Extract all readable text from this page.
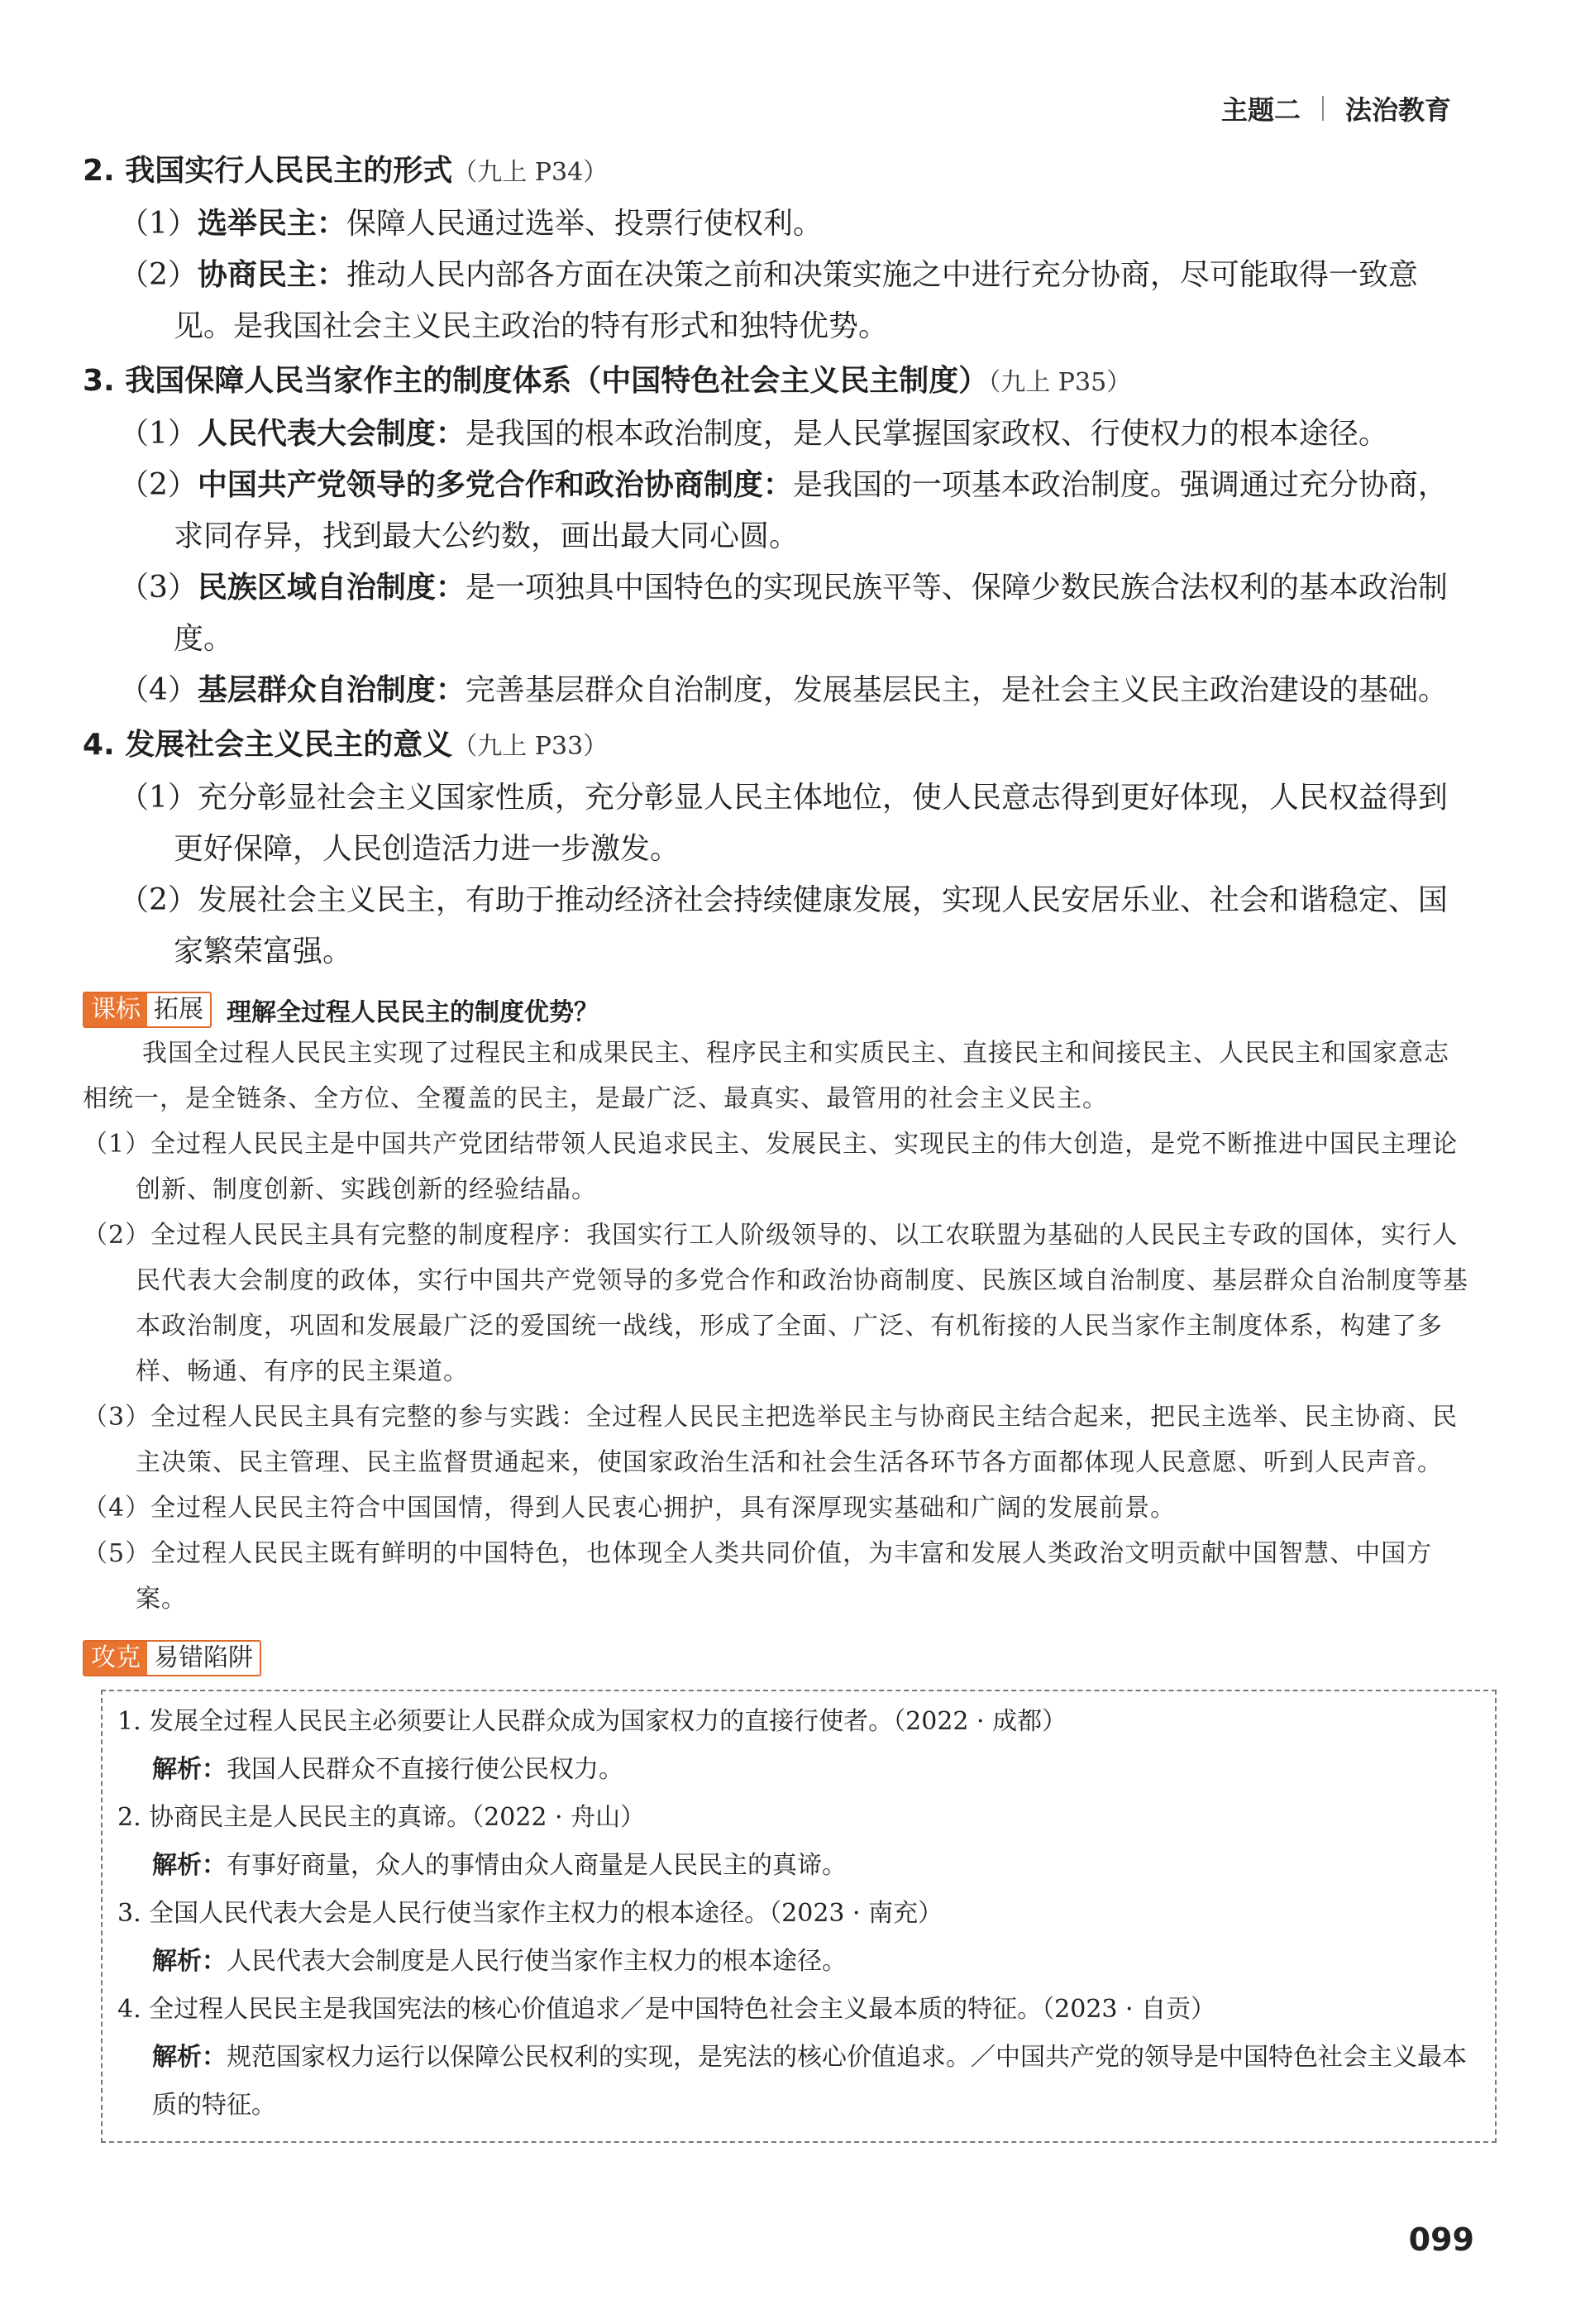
主题二 法治教育
2. 我国实行人民民主的形式（九上 P34）
（1）选举民主：保障人民通过选举、投票行使权利。
（2）协商民主：推动人民内部各方面在决策之前和决策实施之中进行充分协商，尽可能取得一致意见。是我国社会主义民主政治的特有形式和独特优势。
3. 我国保障人民当家作主的制度体系（中国特色社会主义民主制度）（九上 P35）
（1）人民代表大会制度：是我国的根本政治制度，是人民掌握国家政权、行使权力的根本途径。
（2）中国共产党领导的多党合作和政治协商制度：是我国的一项基本政治制度。强调通过充分协商，求同存异，找到最大公约数，画出最大同心圆。
（3）民族区域自治制度：是一项独具中国特色的实现民族平等、保障少数民族合法权利的基本政治制度。
（4）基层群众自治制度：完善基层群众自治制度，发展基层民主，是社会主义民主政治建设的基础。
4. 发展社会主义民主的意义（九上 P33）
（1）充分彰显社会主义国家性质，充分彰显人民主体地位，使人民意志得到更好体现，人民权益得到更好保障，人民创造活力进一步激发。
（2）发展社会主义民主，有助于推动经济社会持续健康发展，实现人民安居乐业、社会和谐稳定、国家繁荣富强。
课标 拓展 理解全过程人民民主的制度优势？
我国全过程人民民主实现了过程民主和成果民主、程序民主和实质民主、直接民主和间接民主、人民民主和国家意志相统一，是全链条、全方位、全覆盖的民主，是最广泛、最真实、最管用的社会主义民主。
（1）全过程人民民主是中国共产党团结带领人民追求民主、发展民主、实现民主的伟大创造，是党不断推进中国民主理论创新、制度创新、实践创新的经验结晶。
（2）全过程人民民主具有完整的制度程序：我国实行工人阶级领导的、以工农联盟为基础的人民民主专政的国体，实行人民代表大会制度的政体，实行中国共产党领导的多党合作和政治协商制度、民族区域自治制度、基层群众自治制度等基本政治制度，巩固和发展最广泛的爱国统一战线，形成了全面、广泛、有机衔接的人民当家作主制度体系，构建了多样、畅通、有序的民主渠道。
（3）全过程人民民主具有完整的参与实践：全过程人民民主把选举民主与协商民主结合起来，把民主选举、民主协商、民主决策、民主管理、民主监督贯通起来，使国家政治生活和社会生活各环节各方面都体现人民意愿、听到人民声音。
（4）全过程人民民主符合中国国情，得到人民衷心拥护，具有深厚现实基础和广阔的发展前景。
（5）全过程人民民主既有鲜明的中国特色，也体现全人类共同价值，为丰富和发展人类政治文明贡献中国智慧、中国方案。
攻克 易错陷阱
1. 发展全过程人民民主必须要让人民群众成为国家权力的直接行使者。（2022 · 成都）
解析：我国人民群众不直接行使公民权力。
2. 协商民主是人民民主的真谛。（2022 · 舟山）
解析：有事好商量，众人的事情由众人商量是人民民主的真谛。
3. 全国人民代表大会是人民行使当家作主权力的根本途径。（2023 · 南充）
解析：人民代表大会制度是人民行使当家作主权力的根本途径。
4. 全过程人民民主是我国宪法的核心价值追求／是中国特色社会主义最本质的特征。（2023 · 自贡）
解析：规范国家权力运行以保障公民权利的实现，是宪法的核心价值追求。／中国共产党的领导是中国特色社会主义最本质的特征。
099
